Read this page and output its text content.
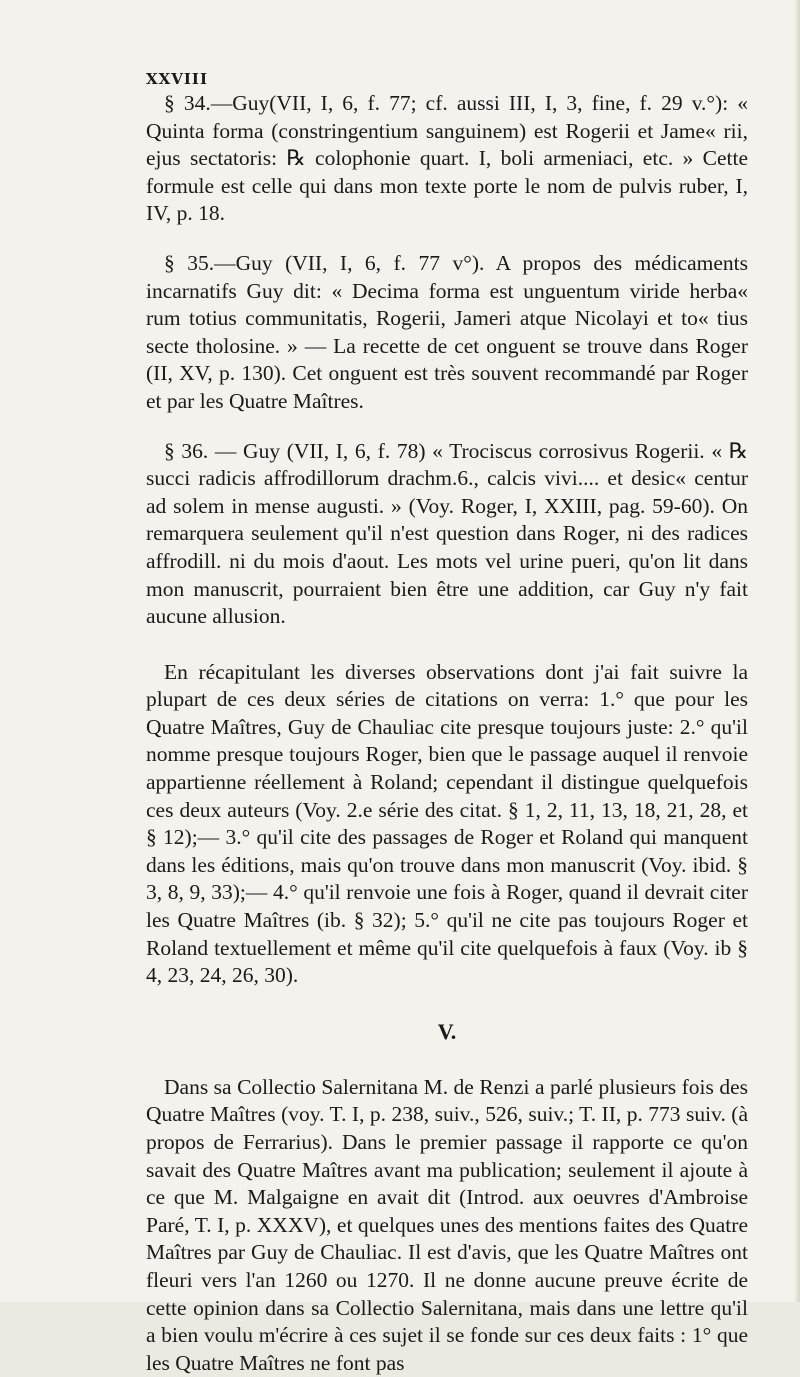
XXVIII

§ 34.—Guy(VII, I, 6, f. 77; cf. aussi III, I, 3, fine, f. 29 v.°): « Quinta forma (constringentium sanguinem) est Rogerii et Jame« rii, ejus sectatoris: ℞ colophonie quart. I, boli armeniaci, etc. » Cette formule est celle qui dans mon texte porte le nom de pulvis ruber, I, IV, p. 18.

§ 35.—Guy (VII, I, 6, f. 77 v°). A propos des médicaments incarnatifs Guy dit: « Decima forma est unguentum viride herba« rum totius communitatis, Rogerii, Jameri atque Nicolayi et to« tius secte tholosine. » — La recette de cet onguent se trouve dans Roger (II, XV, p. 130). Cet onguent est très souvent recommandé par Roger et par les Quatre Maîtres.

§ 36. — Guy (VII, I, 6, f. 78) « Trociscus corrosivus Rogerii. « ℞ succi radicis affrodillorum drachm.6., calcis vivi.... et desic« centur ad solem in mense augusti. » (Voy. Roger, I, XXIII, pag. 59-60). On remarquera seulement qu'il n'est question dans Roger, ni des radices affrodill. ni du mois d'aout. Les mots vel urine pueri, qu'on lit dans mon manuscrit, pourraient bien être une addition, car Guy n'y fait aucune allusion.

En récapitulant les diverses observations dont j'ai fait suivre la plupart de ces deux séries de citations on verra: 1.° que pour les Quatre Maîtres, Guy de Chauliac cite presque toujours juste: 2.° qu'il nomme presque toujours Roger, bien que le passage auquel il renvoie appartienne réellement à Roland; cependant il distingue quelquefois ces deux auteurs (Voy. 2.e série des citat. § 1, 2, 11, 13, 18, 21, 28, et § 12);— 3.° qu'il cite des passages de Roger et Roland qui manquent dans les éditions, mais qu'on trouve dans mon manuscrit (Voy. ibid. § 3, 8, 9, 33);— 4.° qu'il renvoie une fois à Roger, quand il devrait citer les Quatre Maîtres (ib. § 32); 5.° qu'il ne cite pas toujours Roger et Roland textuellement et même qu'il cite quelquefois à faux (Voy. ib § 4, 23, 24, 26, 30).

V.

Dans sa Collectio Salernitana M. de Renzi a parlé plusieurs fois des Quatre Maîtres (voy. T. I, p. 238, suiv., 526, suiv.; T. II, p. 773 suiv. (à propos de Ferrarius). Dans le premier passage il rapporte ce qu'on savait des Quatre Maîtres avant ma publication; seulement il ajoute à ce que M. Malgaigne en avait dit (Introd. aux oeuvres d'Ambroise Paré, T. I, p. XXXV), et quelques unes des mentions faites des Quatre Maîtres par Guy de Chauliac. Il est d'avis, que les Quatre Maîtres ont fleuri vers l'an 1260 ou 1270. Il ne donne aucune preuve écrite de cette opinion dans sa Collectio Salernitana, mais dans une lettre qu'il a bien voulu m'écrire à ces sujet il se fonde sur ces deux faits : 1° que les Quatre Maîtres ne font pas
